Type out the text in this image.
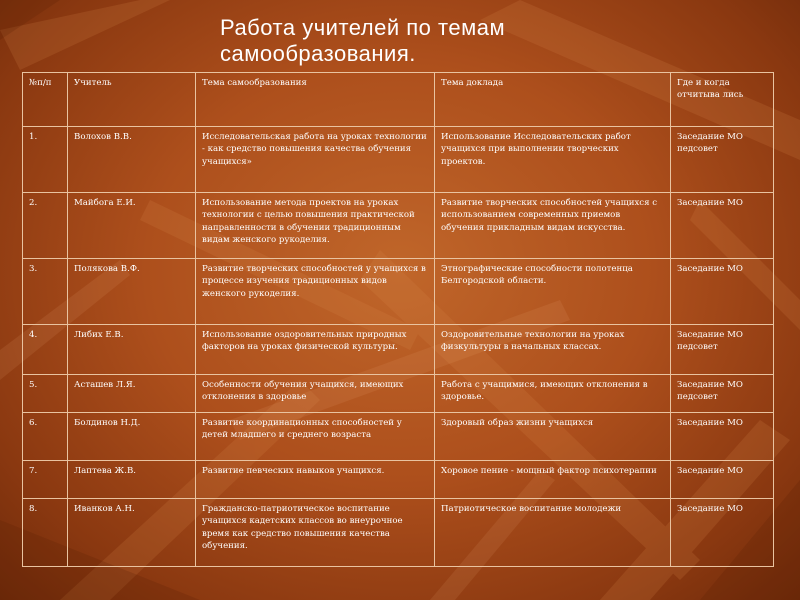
Работа учителей по темам самообразования.
№п/п	Учитель	Тема самообразования	Тема доклада	Где и когда отчитыва лись
1.	Волохов В.В.	Исследовательская работа на уроках технологии - как средство повышения качества обучения учащихся»	Использование Исследовательских работ учащихся при выполнении творческих проектов.	Заседание МО педсовет
2.	Майбога Е.И.	Использование метода проектов на уроках технологии с целью повышения практической направленности в обучении традиционным видам женского рукоделия.	Развитие творческих способностей учащихся с использованием современных приемов обучения прикладным видам искусства.	Заседание МО
3.	Полякова В.Ф.	Развитие творческих способностей у учащихся в процессе изучения традиционных видов женского рукоделия.	Этнографические способности полотенца Белгородской области.	Заседание МО
4.	Либих Е.В.	Использование оздоровительных природных факторов на уроках физической культуры.	Оздоровительные технологии на уроках физкультуры в начальных классах.	Заседание МО педсовет
5.	Асташев Л.Я.	Особенности обучения учащихся, имеющих отклонения в здоровье	Работа с учащимися, имеющих отклонения в здоровье.	Заседание МО педсовет
6.	Болдинов Н.Д.	Развитие координационных способностей у детей младшего и среднего возраста	Здоровый образ жизни учащихся	Заседание МО
7.	Лаптева Ж.В.	Развитие певческих навыков учащихся.	Хоровое пение - мощный фактор психотерапии	Заседание МО
8.	Иванков А.Н.	Гражданско-патриотическое воспитание учащихся кадетских классов во внеурочное время как средство повышения качества обучения.	Патриотическое воспитание молодежи	Заседание МО
